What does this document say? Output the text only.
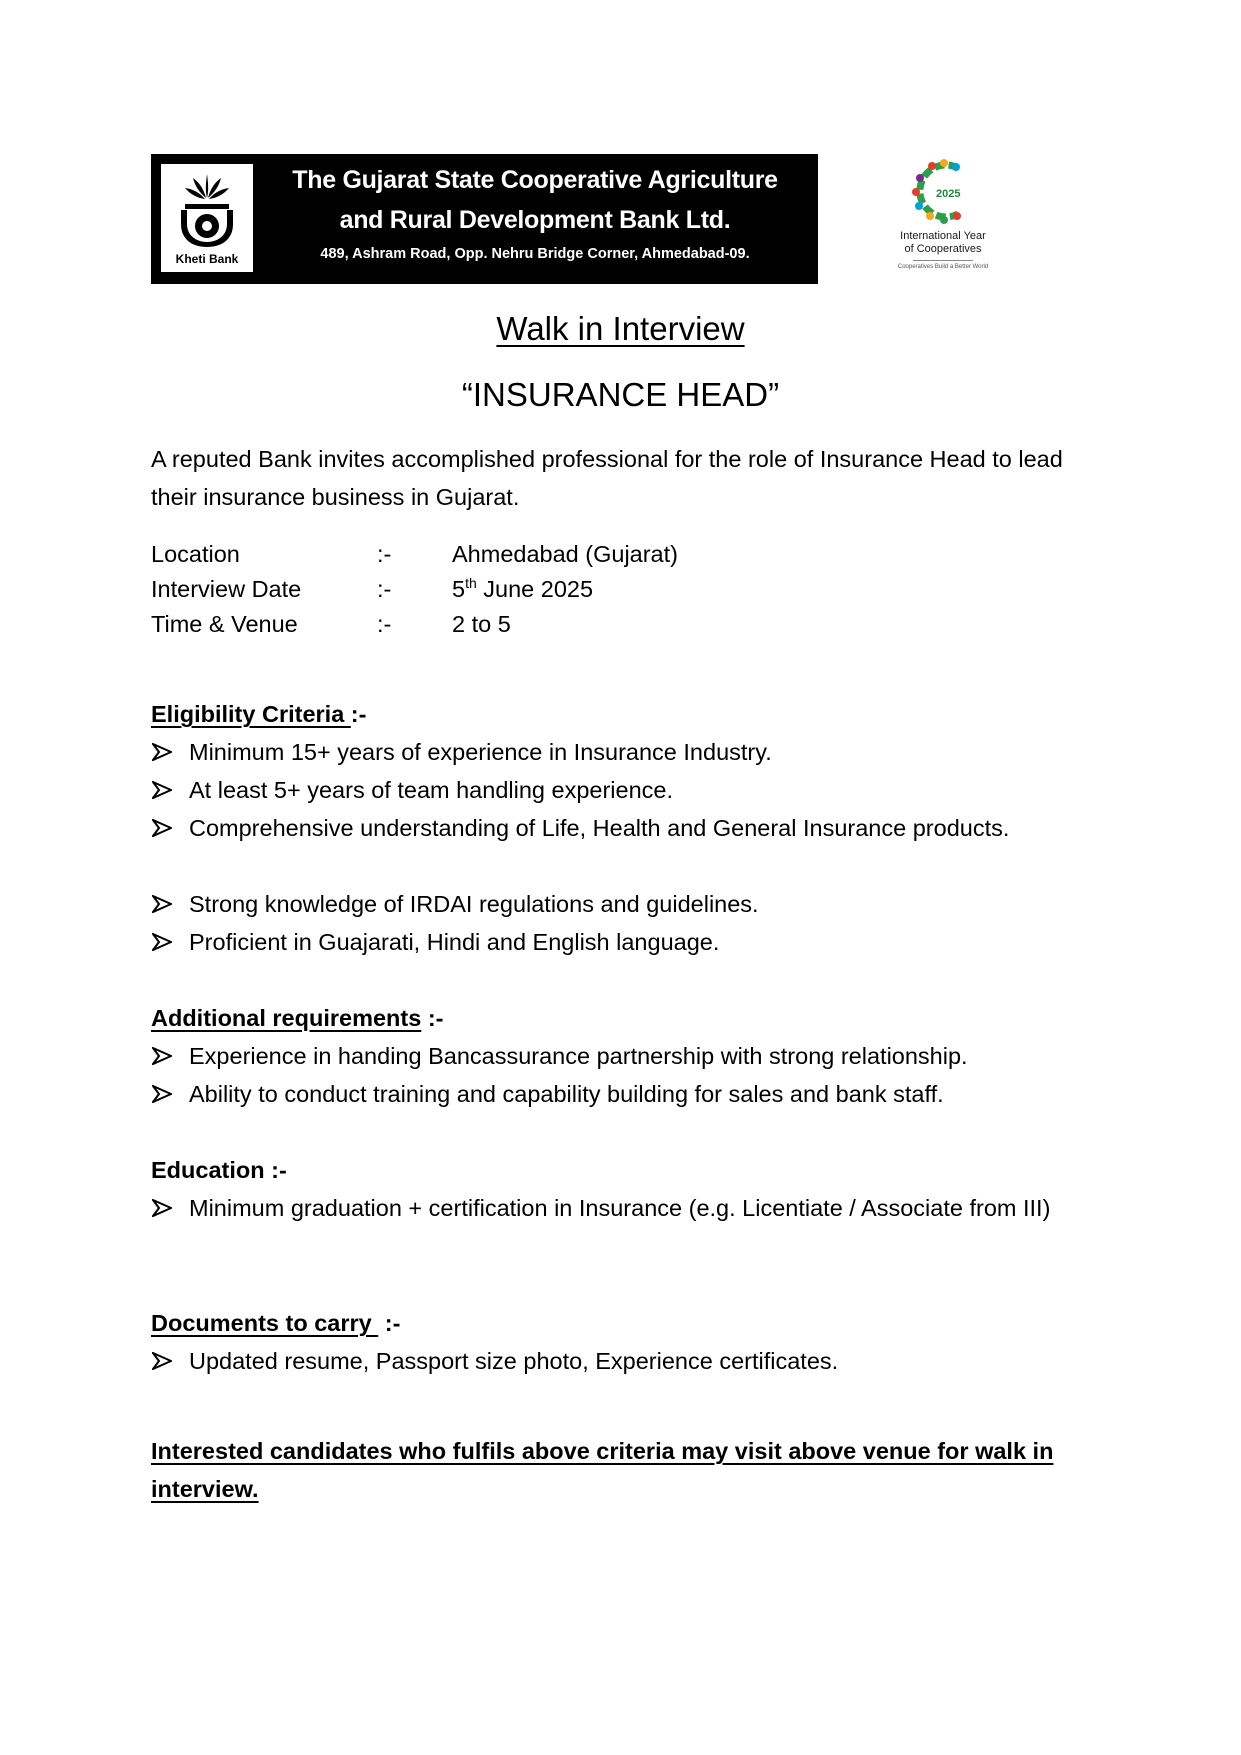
Kheti Bank
The Gujarat State Cooperative Agriculture
and Rural Development Bank Ltd.
489, Ashram Road, Opp. Nehru Bridge Corner, Ahmedabad-09.
2025
International Year
of Cooperatives
Cooperatives Build a Better World
Walk in Interview
“INSURANCE HEAD”
A reputed Bank invites accomplished professional for the role of Insurance Head to lead their insurance business in Gujarat.
Location	:-	Ahmedabad (Gujarat)
Interview Date	:-	5th June 2025
Time & Venue	:-	2 to 5
Eligibility Criteria :-
Minimum 15+ years of experience in Insurance Industry.
At least 5+ years of team handling experience.
Comprehensive understanding of Life, Health and General Insurance products.
Strong knowledge of IRDAI regulations and guidelines.
Proficient in Guajarati, Hindi and English language.
Additional requirements :-
Experience in handing Bancassurance partnership with strong relationship.
Ability to conduct training and capability building for sales and bank staff.
Education :-
Minimum graduation + certification in Insurance (e.g. Licentiate / Associate from III)
Documents to carry  :-
Updated resume, Passport size photo, Experience certificates.
Interested candidates who fulfils above criteria may visit above venue for walk in interview.
